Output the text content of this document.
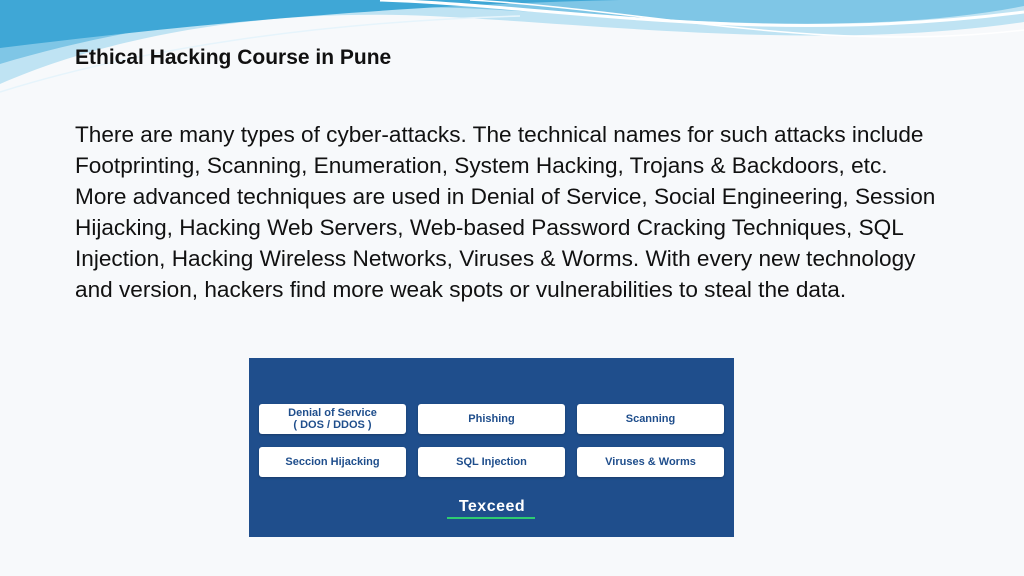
Ethical Hacking Course in Pune

There are many types of cyber-attacks. The technical names for such attacks include Footprinting, Scanning, Enumeration, System Hacking, Trojans & Backdoors, etc. More advanced techniques are used in Denial of Service, Social Engineering, Session Hijacking, Hacking Web Servers, Web-based Password Cracking Techniques, SQL Injection, Hacking Wireless Networks, Viruses & Worms. With every new technology and version, hackers find more weak spots or vulnerabilities to steal the data.

Denial of Service
( DOS / DDOS )	Phishing	Scanning
Seccion Hijacking	SQL Injection	Viruses & Worms
Texceed
